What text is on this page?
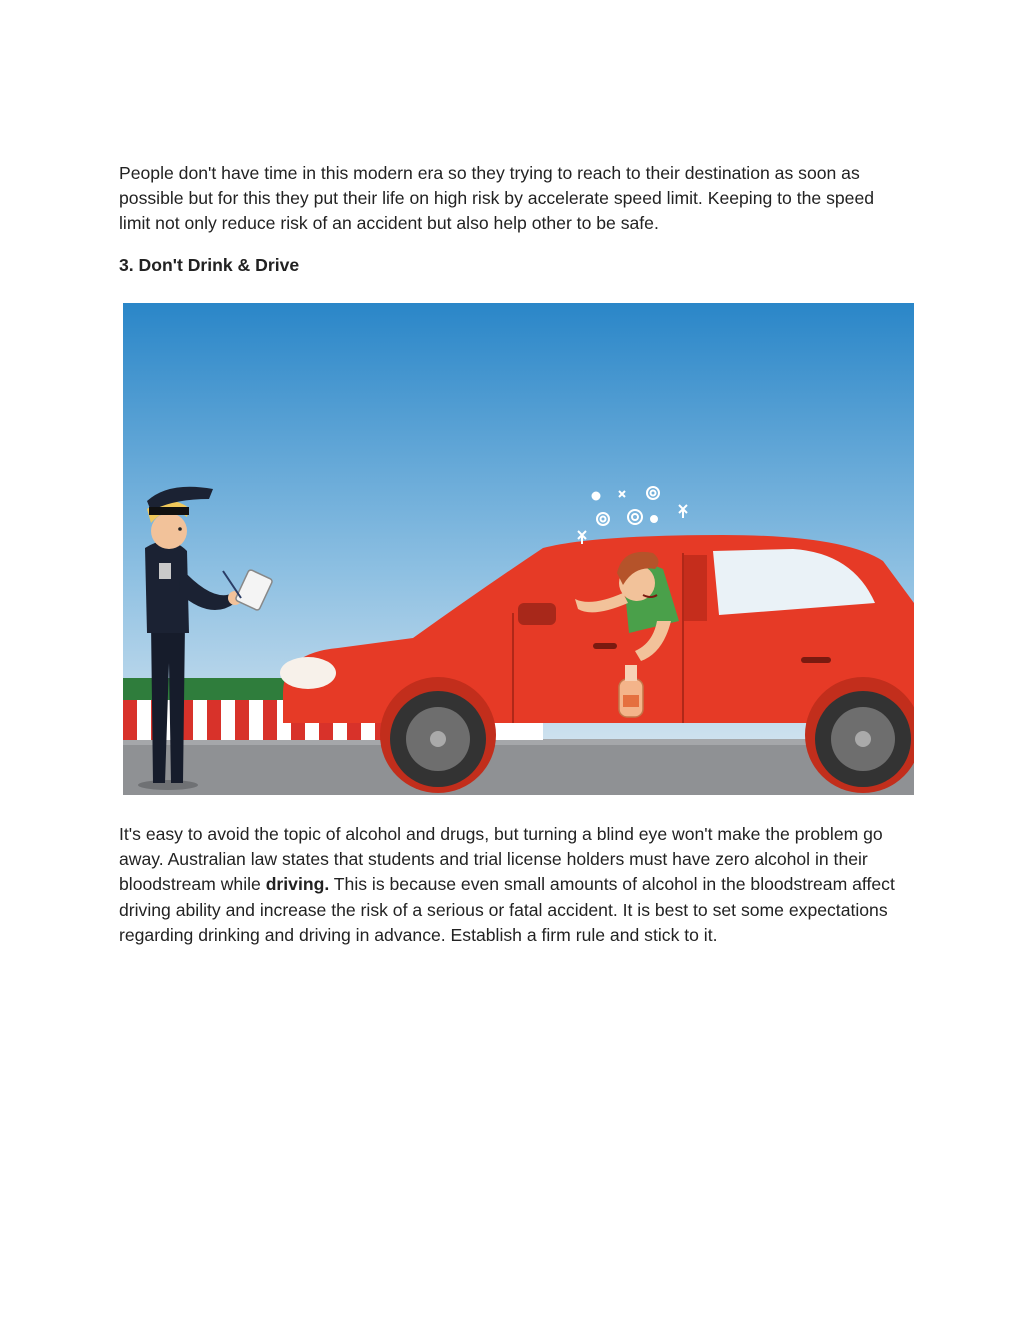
People don't have time in this modern era so they trying to reach to their destination as soon as possible but for this they put their life on high risk by accelerate speed limit. Keeping to the speed limit not only reduce risk of an accident but also help other to be safe.

3. Don't Drink & Drive

It's easy to avoid the topic of alcohol and drugs, but turning a blind eye won't make the problem go away. Australian law states that students and trial license holders must have zero alcohol in their bloodstream while driving. This is because even small amounts of alcohol in the bloodstream affect driving ability and increase the risk of a serious or fatal accident. It is best to set some expectations regarding drinking and driving in advance. Establish a firm rule and stick to it.
